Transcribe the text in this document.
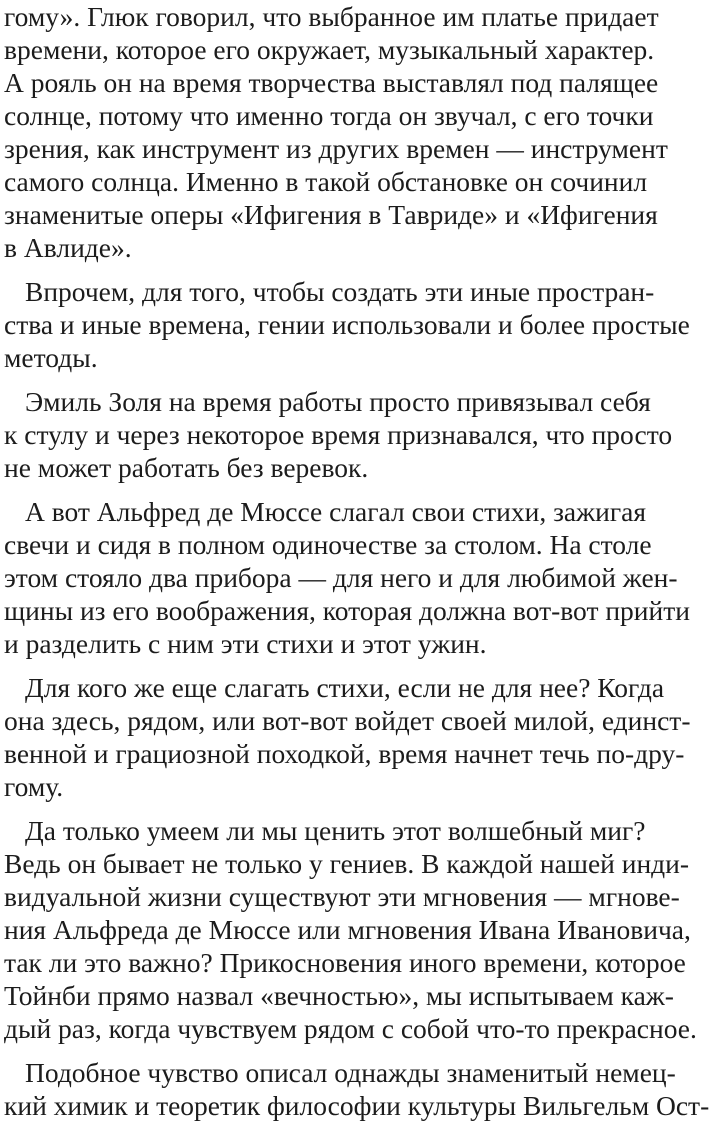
гому». Глюк говорил, что выбранное им платье придает
времени, которое его окружает, музыкальный характер.
А рояль он на время творчества выставлял под палящее
солнце, потому что именно тогда он звучал, с его точки
зрения, как инструмент из других времен — инструмент
самого солнца. Именно в такой обстановке он сочинил
знаменитые оперы «Ифигения в Тавриде» и «Ифигения
в Авлиде».
Впрочем, для того, чтобы создать эти иные простран-
ства и иные времена, гении использовали и более простые
методы.
Эмиль Золя на время работы просто привязывал себя
к стулу и через некоторое время признавался, что просто
не может работать без веревок.
А вот Альфред де Мюссе слагал свои стихи, зажигая
свечи и сидя в полном одиночестве за столом. На столе
этом стояло два прибора — для него и для любимой жен-
щины из его воображения, которая должна вот-вот прийти
и разделить с ним эти стихи и этот ужин.
Для кого же еще слагать стихи, если не для нее? Когда
она здесь, рядом, или вот-вот войдет своей милой, единст-
венной и грациозной походкой, время начнет течь по-дру-
гому.
Да только умеем ли мы ценить этот волшебный миг?
Ведь он бывает не только у гениев. В каждой нашей инди-
видуальной жизни существуют эти мгновения — мгнове-
ния Альфреда де Мюссе или мгновения Ивана Ивановича,
так ли это важно? Прикосновения иного времени, которое
Тойнби прямо назвал «вечностью», мы испытываем каж-
дый раз, когда чувствуем рядом с собой что-то прекрасное.
Подобное чувство описал однажды знаменитый немец-
кий химик и теоретик философии культуры Вильгельм Ост-
